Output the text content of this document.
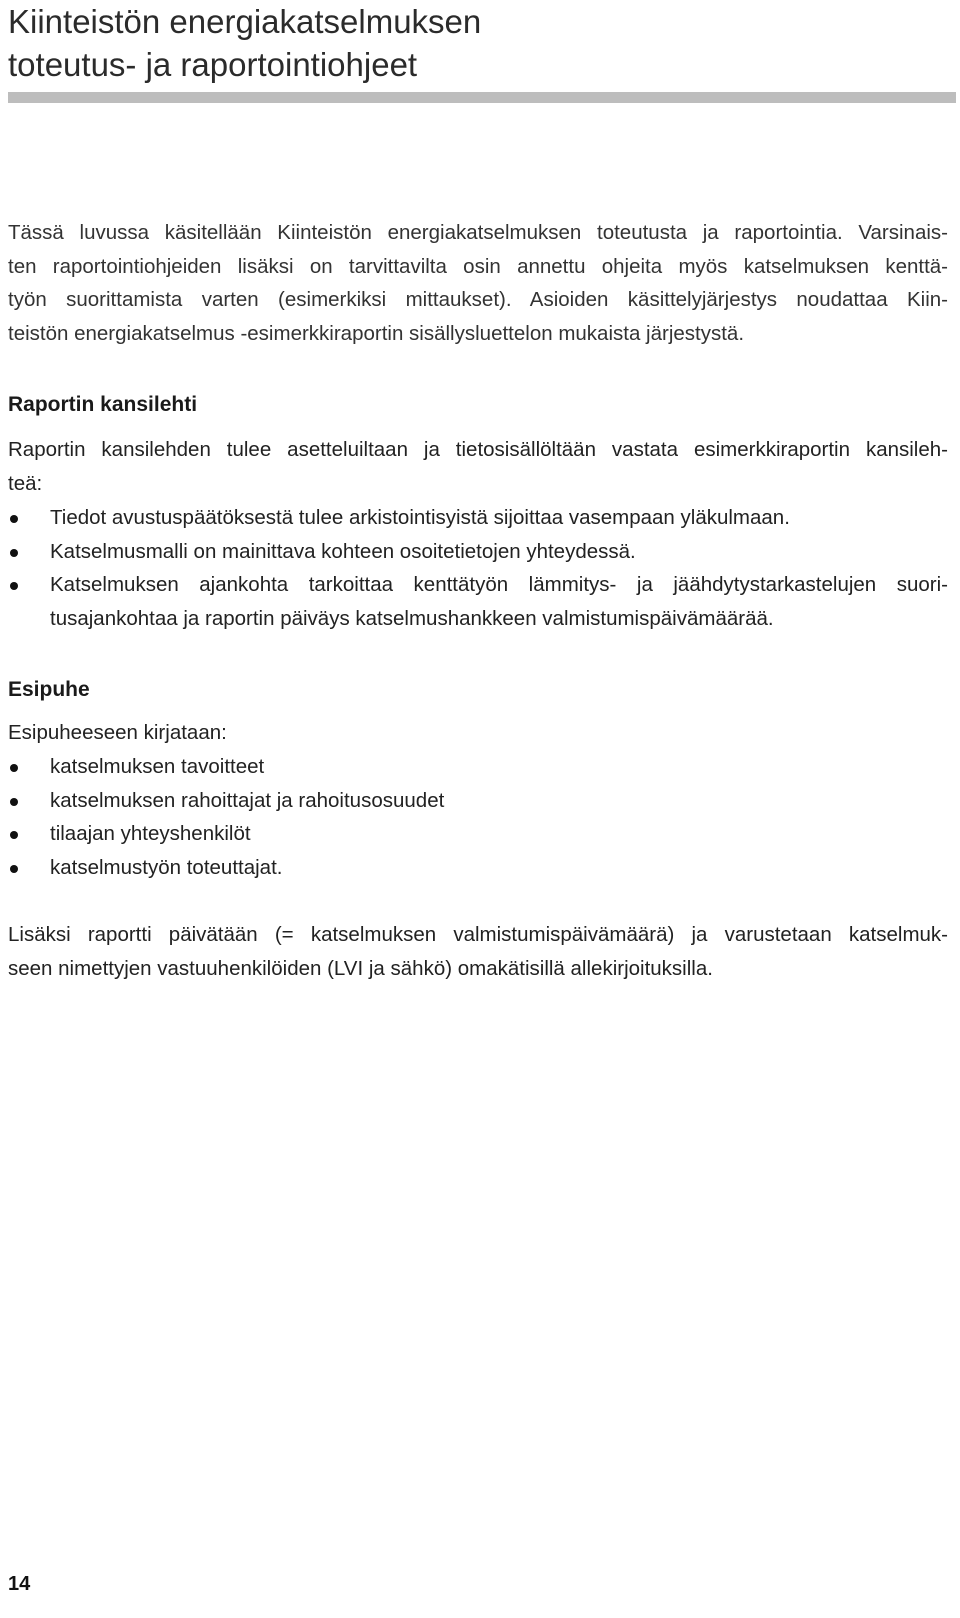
Kiinteistön energiakatselmuksen
toteutus- ja raportointiohjeet
Tässä luvussa käsitellään Kiinteistön energiakatselmuksen toteutusta ja raportointia. Varsinais-
ten raportointiohjeiden lisäksi on tarvittavilta osin annettu ohjeita myös katselmuksen kenttä-
työn suorittamista varten (esimerkiksi mittaukset). Asioiden käsittelyjärjestys noudattaa Kiin-
teistön energiakatselmus -esimerkkiraportin sisällysluettelon mukaista järjestystä.
Raportin kansilehti
Raportin kansilehden tulee asetteluiltaan ja tietosisällöltään vastata esimerkkiraportin kansileh-
teä:
Tiedot avustuspäätöksestä tulee arkistointisyistä sijoittaa vasempaan yläkulmaan.
Katselmusmalli on mainittava kohteen osoitetietojen yhteydessä.
Katselmuksen ajankohta tarkoittaa kenttätyön lämmitys- ja jäähdytystarkastelujen suori-
tusajankohtaa ja raportin päiväys katselmushankkeen valmistumispäivämäärää.
Esipuhe
Esipuheeseen kirjataan:
katselmuksen tavoitteet
katselmuksen rahoittajat ja rahoitusosuudet
tilaajan yhteyshenkilöt
katselmustyön toteuttajat.
Lisäksi raportti päivätään (= katselmuksen valmistumispäivämäärä) ja varustetaan katselmuk-
seen nimettyjen vastuuhenkilöiden (LVI ja sähkö) omakätisillä allekirjoituksilla.
14
